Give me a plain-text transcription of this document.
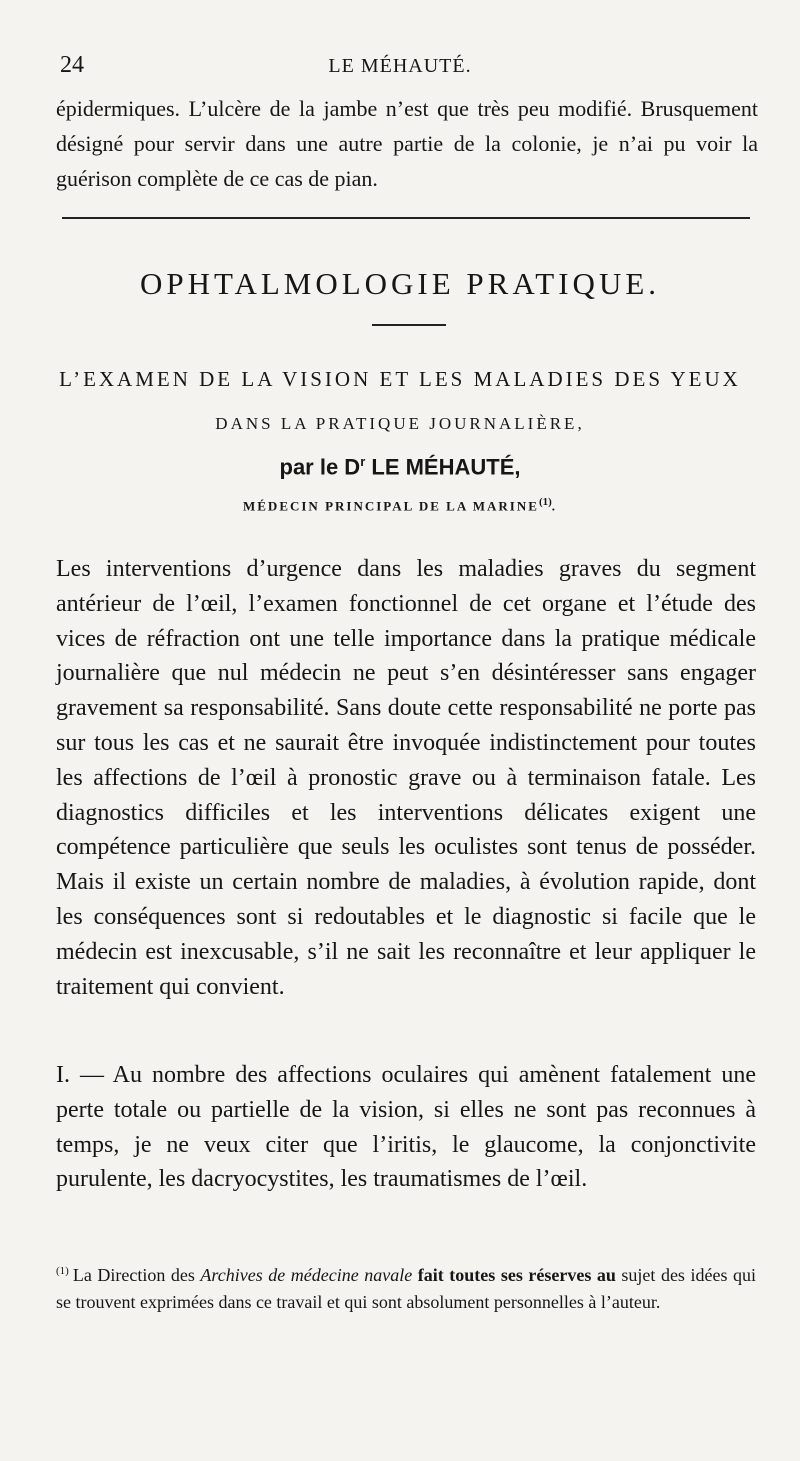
24	LE MÉHAUTÉ.

épidermiques. L’ulcère de la jambe n’est que très peu modifié. Brusquement désigné pour servir dans une autre partie de la colonie, je n’ai pu voir la guérison complète de ce cas de pian.

OPHTALMOLOGIE PRATIQUE.
L’EXAMEN DE LA VISION ET LES MALADIES DES YEUX
DANS LA PRATIQUE JOURNALIÈRE,
par le $D^r$ LE MÉHAUTÉ,
MÉDECIN PRINCIPAL DE LA MARINE$^{(1)}$.

Les interventions d’urgence dans les maladies graves du segment antérieur de l’œil, l’examen fonctionnel de cet organe et l’étude des vices de réfraction ont une telle importance dans la pratique médicale journalière que nul médecin ne peut s’en désintéresser sans engager gravement sa responsabilité. Sans doute cette responsabilité ne porte pas sur tous les cas et ne saurait être invoquée indistinctement pour toutes les affections de l’œil à pronostic grave ou à terminaison fatale. Les diagnostics difficiles et les interventions délicates exigent une compétence particulière que seuls les oculistes sont tenus de posséder. Mais il existe un certain nombre de maladies, à évolution rapide, dont les conséquences sont si redoutables et le diagnostic si facile que le médecin est inexcusable, s’il ne sait les reconnaître et leur appliquer le traitement qui convient.

I. — Au nombre des affections oculaires qui amènent fatalement une perte totale ou partielle de la vision, si elles ne sont pas reconnues à temps, je ne veux citer que l’iritis, le glaucome, la conjonctivite purulente, les dacryocystites, les traumatismes de l’œil.

$^{(1)}$ La Direction des Archives de médecine navale fait toutes ses réserves au sujet des idées qui se trouvent exprimées dans ce travail et qui sont absolument personnelles à l’auteur.
